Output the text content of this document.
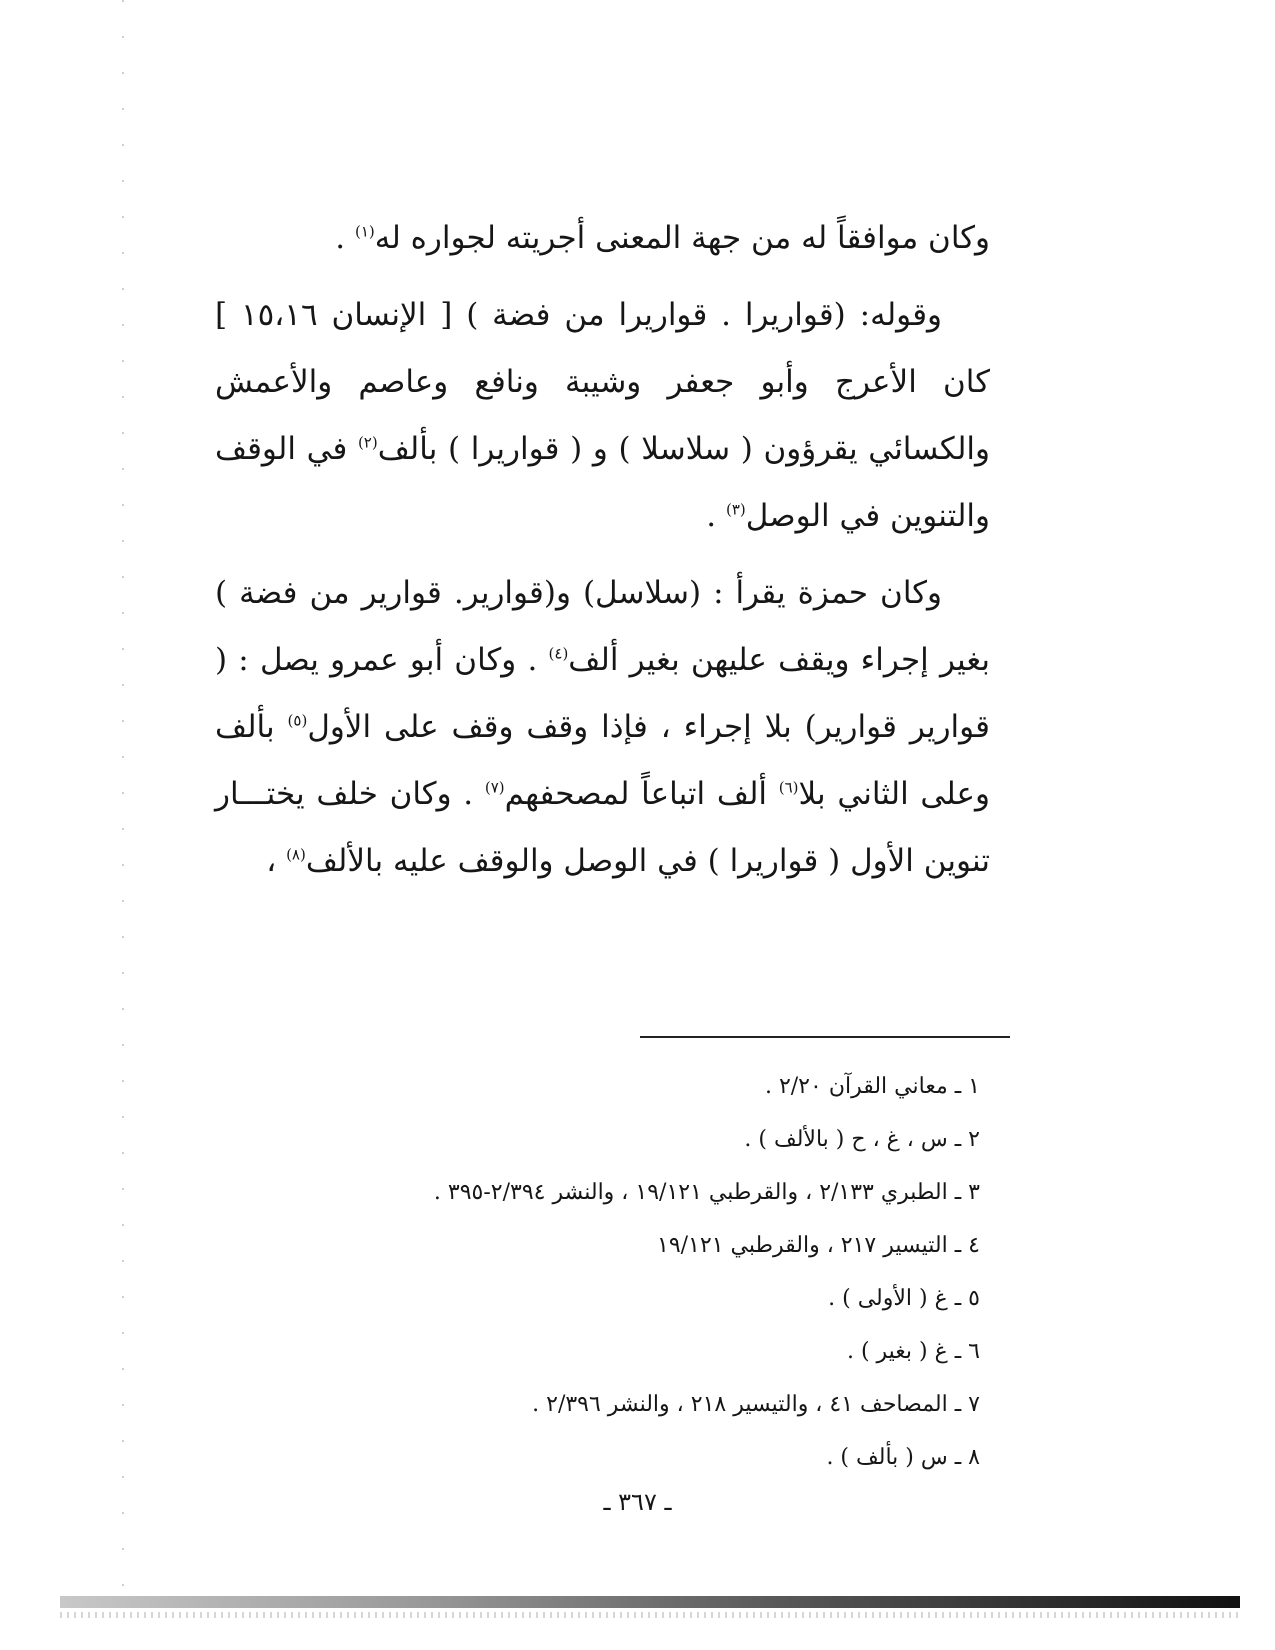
وكان موافقاً له من جهة المعنى أجريته لجواره له$^{(١)}$ .

وقوله: (قواريرا . قواريرا من فضة ) [ الإنسان ١٥،١٦ ] كان الأعرج وأبو جعفر وشيبة ونافع وعاصم والأعمش والكسائي يقرؤون ( سلاسلا ) و ( قواريرا ) بألف$^{(٢)}$ في الوقف والتنوين في الوصل$^{(٣)}$ .

وكان حمزة يقرأ : (سلاسل) و(قوارير. قوارير من فضة ) بغير إجراء ويقف عليهن بغير ألف$^{(٤)}$ . وكان أبو عمرو يصل : ( قوارير قوارير) بلا إجراء ، فإذا وقف وقف على الأول$^{(٥)}$ بألف وعلى الثاني بلا$^{(٦)}$ ألف اتباعاً لمصحفهم$^{(٧)}$ . وكان خلف يختـــار تنوين الأول ( قواريرا ) في الوصل والوقف عليه بالألف$^{(٨)}$ ،

١ ـ معاني القرآن ٢/٢٠ .
٢ ـ س ، غ ، ح ( بالألف ) .
٣ ـ الطبري ٢/١٣٣ ، والقرطبي ١٩/١٢١ ، والنشر ٢/٣٩٤-٣٩٥ .
٤ ـ التيسير ٢١٧ ، والقرطبي ١٩/١٢١
٥ ـ غ ( الأولى ) .
٦ ـ غ ( بغير ) .
٧ ـ المصاحف ٤١ ، والتيسير ٢١٨ ، والنشر ٢/٣٩٦ .
٨ ـ س ( بألف ) .
ـ ٣٦٧ ـ
